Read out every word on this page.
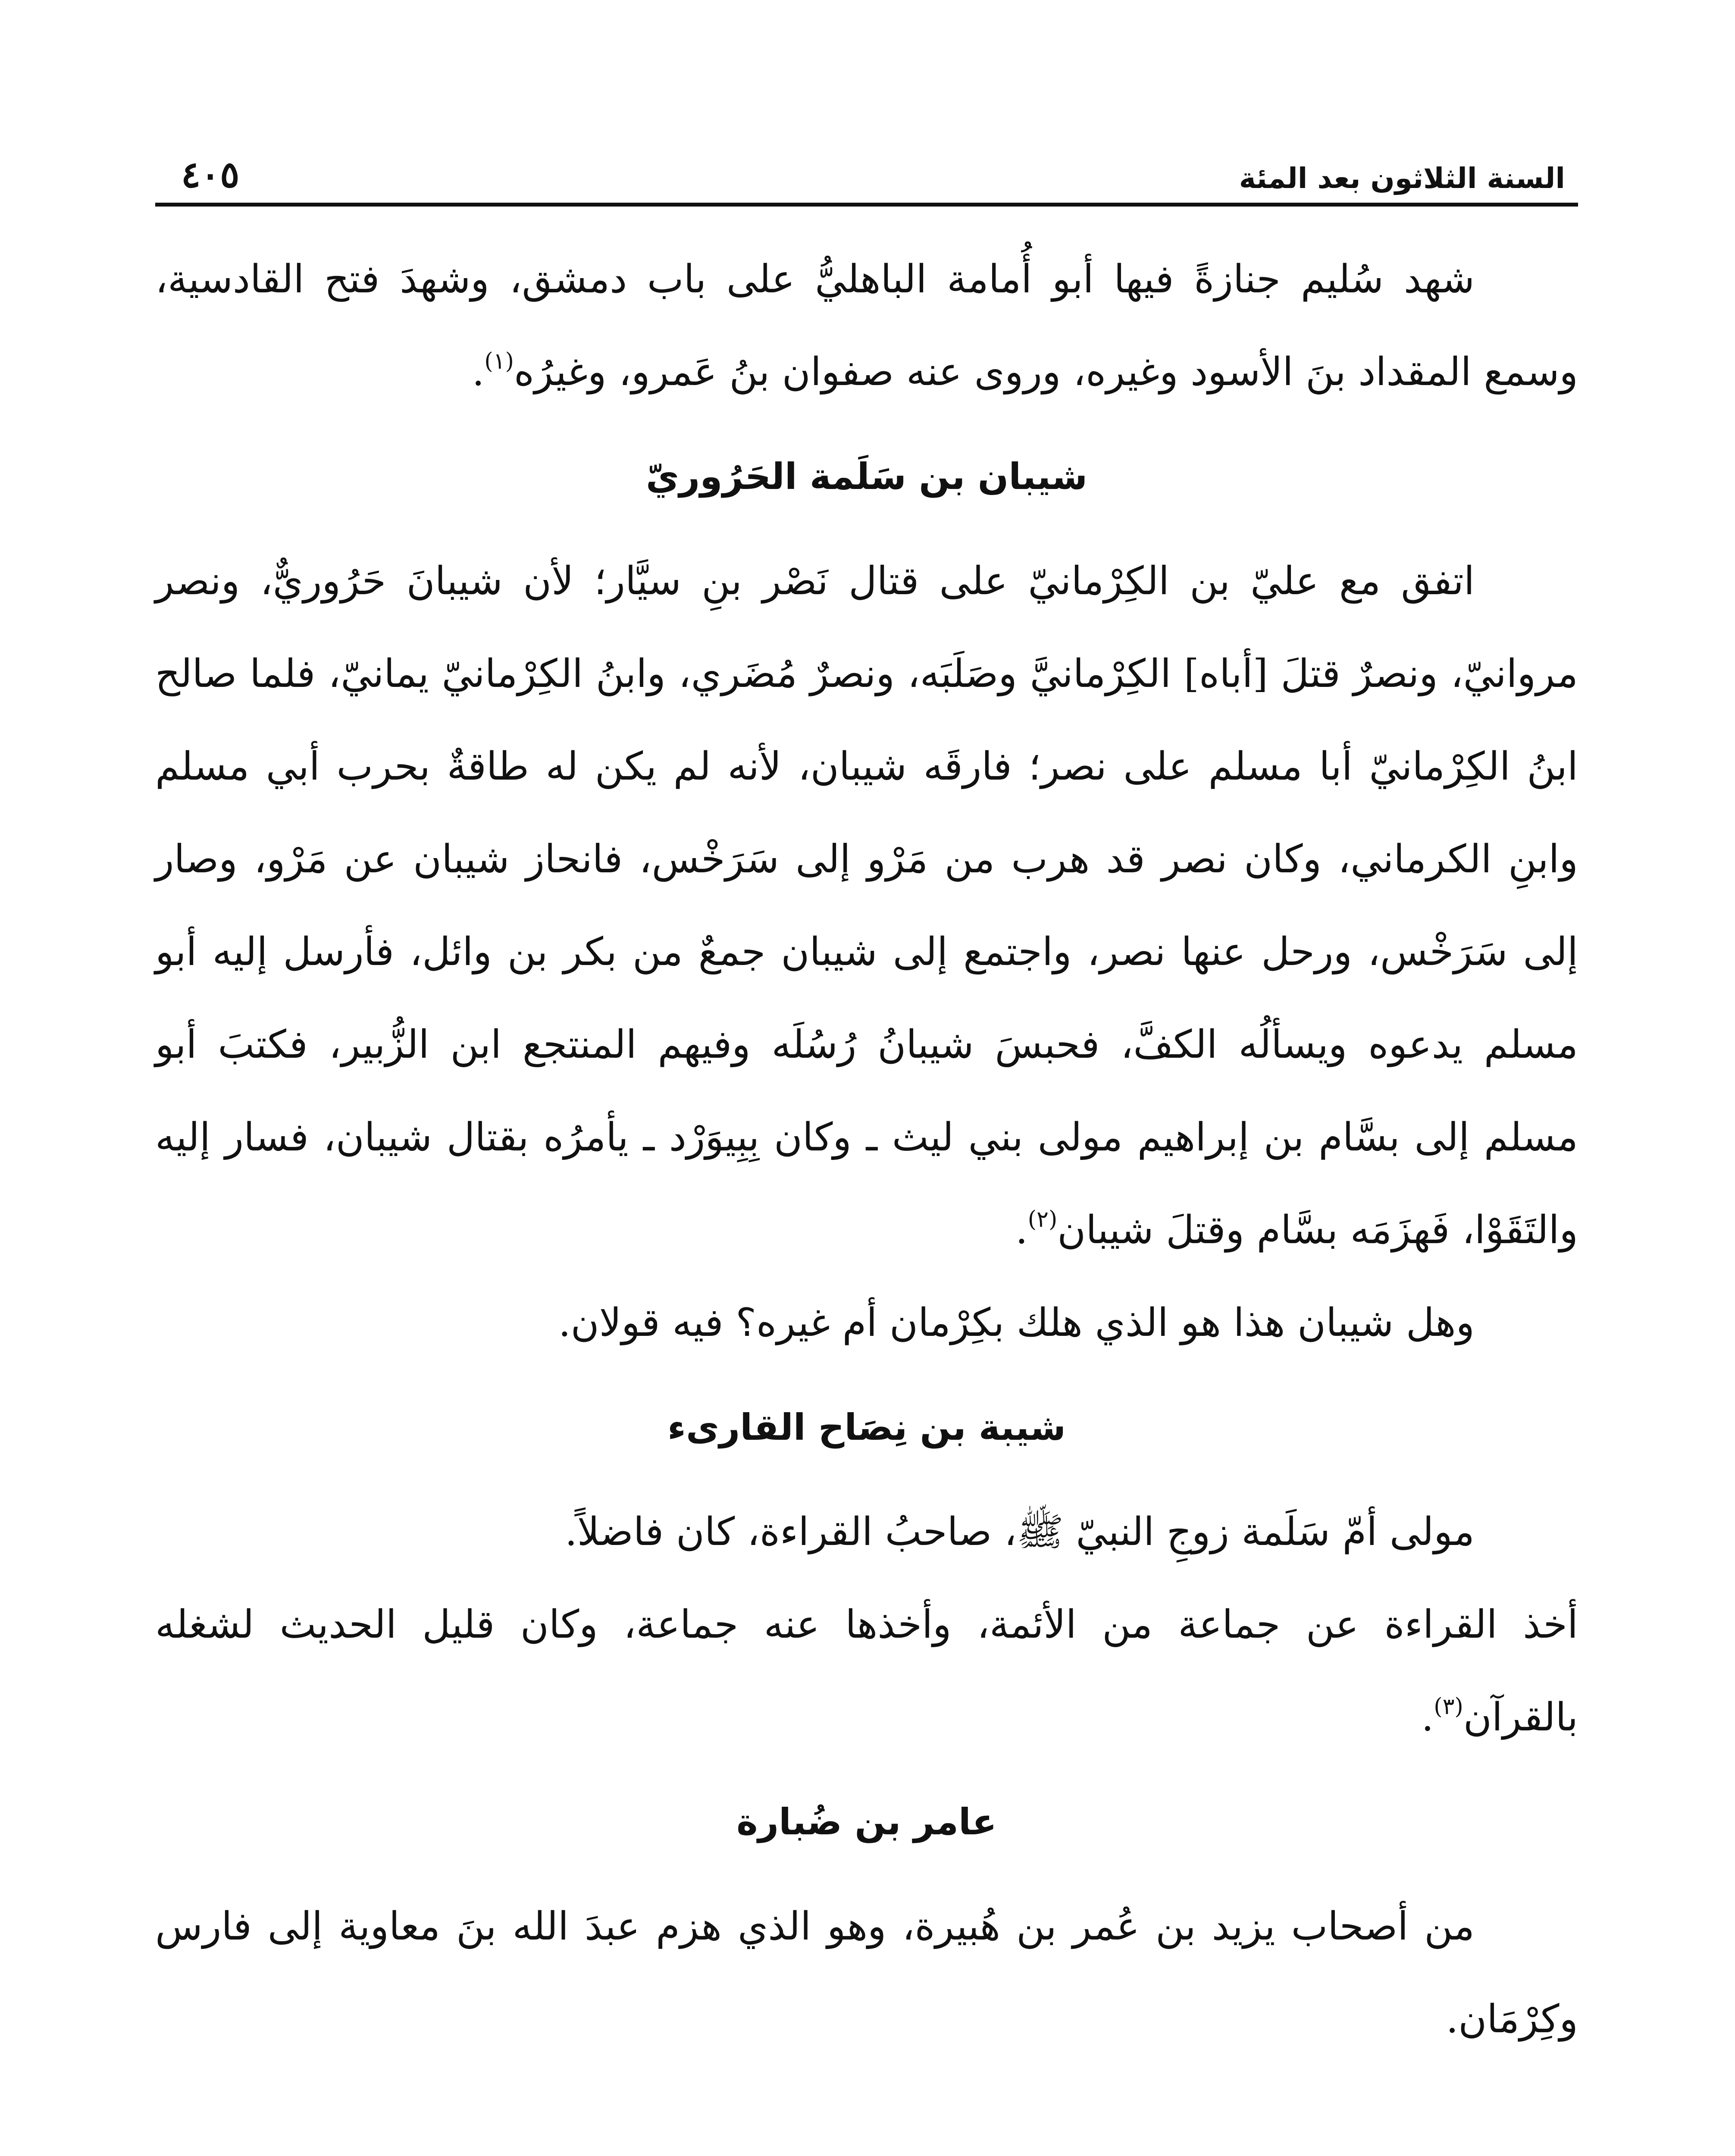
السنة الثلاثون بعد المئة
٤٠٥

شهد سُليم جنازةً فيها أبو أُمامة الباهليُّ على باب دمشق، وشهدَ فتح القادسية، وسمع المقداد بنَ الأسود وغيره، وروى عنه صفوان بنُ عَمرو، وغيرُه$^{(١)}$.

شيبان بن سَلَمة الحَرُوريّ

اتفق مع عليّ بن الكِرْمانيّ على قتال نَصْر بنِ سيَّار؛ لأن شيبانَ حَرُوريٌّ، ونصر مروانيّ، ونصرٌ قتلَ [أباه] الكِرْمانيَّ وصَلَبَه، ونصرٌ مُضَري، وابنُ الكِرْمانيّ يمانيّ، فلما صالح ابنُ الكِرْمانيّ أبا مسلم على نصر؛ فارقَه شيبان، لأنه لم يكن له طاقةٌ بحرب أبي مسلم وابنِ الكرماني، وكان نصر قد هرب من مَرْو إلى سَرَخْس، فانحاز شيبان عن مَرْو، وصار إلى سَرَخْس، ورحل عنها نصر، واجتمع إلى شيبان جمعٌ من بكر بن وائل، فأرسل إليه أبو مسلم يدعوه ويسألُه الكفَّ، فحبسَ شيبانُ رُسُلَه وفيهم المنتجع ابن الزُّبير، فكتبَ أبو مسلم إلى بسَّام بن إبراهيم مولى بني ليث ـ وكان بِبِيوَرْد ـ يأمرُه بقتال شيبان، فسار إليه والتَقَوْا، فَهزَمَه بسَّام وقتلَ شيبان$^{(٢)}$.

وهل شيبان هذا هو الذي هلك بكِرْمان أم غيره؟ فيه قولان.

شيبة بن نِصَاح القارىء

مولى أمّ سَلَمة زوجِ النبيّ ﷺ، صاحبُ القراءة، كان فاضلاً.

أخذ القراءة عن جماعة من الأئمة، وأخذها عنه جماعة، وكان قليل الحديث لشغله بالقرآن$^{(٣)}$.

عامر بن ضُبارة

من أصحاب يزيد بن عُمر بن هُبيرة، وهو الذي هزم عبدَ الله بنَ معاوية إلى فارس وكِرْمَان.
